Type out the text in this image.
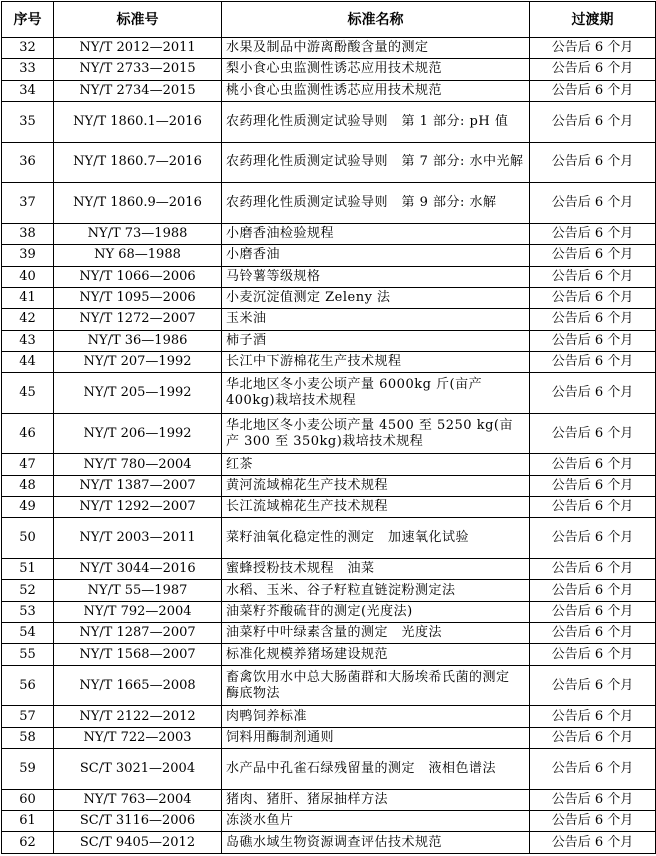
序号	标准号	标准名称	过渡期
32	NY/T 2012—2011	水果及制品中游离酚酸含量的测定	公告后 6 个月
33	NY/T 2733—2015	梨小食心虫监测性诱芯应用技术规范	公告后 6 个月
34	NY/T 2734—2015	桃小食心虫监测性诱芯应用技术规范	公告后 6 个月
35	NY/T 1860.1—2016	农药理化性质测定试验导则　第 1 部分: pH 值	公告后 6 个月
36	NY/T 1860.7—2016	农药理化性质测定试验导则　第 7 部分: 水中光解	公告后 6 个月
37	NY/T 1860.9—2016	农药理化性质测定试验导则　第 9 部分: 水解	公告后 6 个月
38	NY/T 73—1988	小磨香油检验规程	公告后 6 个月
39	NY 68—1988	小磨香油	公告后 6 个月
40	NY/T 1066—2006	马铃薯等级规格	公告后 6 个月
41	NY/T 1095—2006	小麦沉淀值测定 Zeleny 法	公告后 6 个月
42	NY/T 1272—2007	玉米油	公告后 6 个月
43	NY/T 36—1986	柿子酒	公告后 6 个月
44	NY/T 207—1992	长江中下游棉花生产技术规程	公告后 6 个月
45	NY/T 205—1992	华北地区冬小麦公顷产量 6000kg 斤(亩产 400kg)栽培技术规程	公告后 6 个月
46	NY/T 206—1992	华北地区冬小麦公顷产量 4500 至 5250 kg(亩产 300 至 350kg)栽培技术规程	公告后 6 个月
47	NY/T 780—2004	红茶	公告后 6 个月
48	NY/T 1387—2007	黄河流域棉花生产技术规程	公告后 6 个月
49	NY/T 1292—2007	长江流域棉花生产技术规程	公告后 6 个月
50	NY/T 2003—2011	菜籽油氧化稳定性的测定　加速氧化试验	公告后 6 个月
51	NY/T 3044—2016	蜜蜂授粉技术规程　油菜	公告后 6 个月
52	NY/T 55—1987	水稻、玉米、谷子籽粒直链淀粉测定法	公告后 6 个月
53	NY/T 792—2004	油菜籽芥酸硫苷的测定(光度法)	公告后 6 个月
54	NY/T 1287—2007	油菜籽中叶绿素含量的测定　光度法	公告后 6 个月
55	NY/T 1568—2007	标准化规模养猪场建设规范	公告后 6 个月
56	NY/T 1665—2008	畜禽饮用水中总大肠菌群和大肠埃希氏菌的测定　酶底物法	公告后 6 个月
57	NY/T 2122—2012	肉鸭饲养标准	公告后 6 个月
58	NY/T 722—2003	饲料用酶制剂通则	公告后 6 个月
59	SC/T 3021—2004	水产品中孔雀石绿残留量的测定　液相色谱法	公告后 6 个月
60	NY/T 763—2004	猪肉、猪肝、猪尿抽样方法	公告后 6 个月
61	SC/T 3116—2006	冻淡水鱼片	公告后 6 个月
62	SC/T 9405—2012	岛礁水域生物资源调查评估技术规范	公告后 6 个月
